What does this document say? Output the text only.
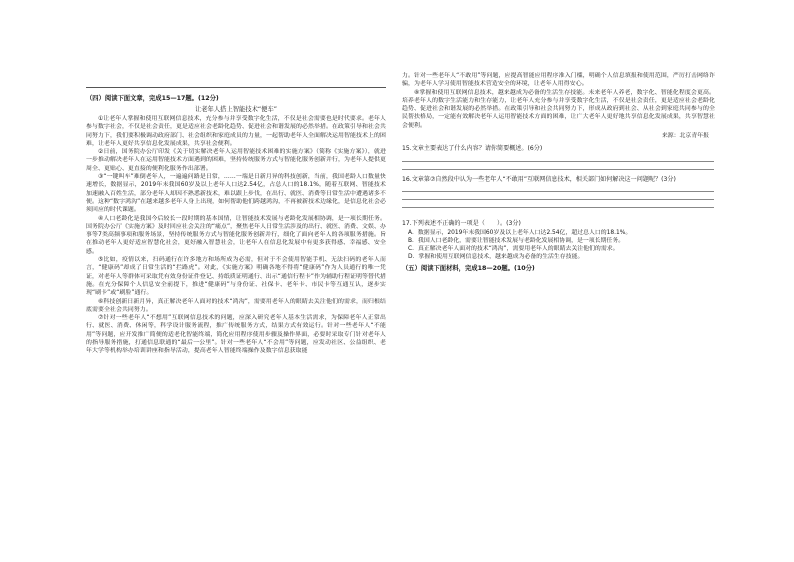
（四）阅读下面文章，完成15—17题。(12分)
让老年人搭上智能技术“便车”

①让老年人掌握和使用互联网信息技术，充分参与并享受数字化生活，不仅是社会需要也是时代要求。老年人参与数字社会，不仅是社会责任，更是适应社会老龄化趋势、促进社会和谐发展的必然举措。在政策引导和社会共同努力下，我们要积极调动政府部门、社会组织和家庭成员的力量，一起帮助老年人全面解决运用智能技术上的困难，让老年人更好共享信息化发展成果，共享社会便利。

②日前，国务院办公厅印发《关于切实解决老年人运用智能技术困难的实施方案》（简称《实施方案》），就进一步推动解决老年人在运用智能技术方面遇到的困难，坚持传统服务方式与智能化服务创新并行，为老年人提供更周全、更贴心、更直接的便利化服务作出部署。

③“一键叫车”难倒老年人，一遍遍问路是日常，……一端是日新月异的科技创新，当前，我国老龄人口数量快速增长，数据显示，2019年末我国60岁及以上老年人口达2.54亿，占总人口的18.1%，随着互联网、智能技术加速融入百姓生活，部分老年人却因不熟悉新技术，难以跟上步伐，在出行、就医、消费等日常生活中遭遇诸多不便。这种“数字鸿沟”在越来越多老年人身上出现，如何帮助他们跨越鸿沟，不再被新技术边缘化，是信息化社会必须回应的时代课题。

④人口老龄化是我国今后较长一段时期的基本国情，让智能技术发展与老龄化发展相协调，是一项长期任务。国务院办公厅《实施方案》及时回应社会关注的“痛点”，聚焦老年人日常生活涉及的出行、就医、消费、文娱、办事等7类高频事项和服务场景，坚持传统服务方式与智能化服务创新并行，细化了面向老年人的各项服务措施。旨在推动老年人更好适应智慧化社会，更好融入智慧社会，让老年人在信息化发展中有更多获得感、幸福感、安全感。

⑤比如，疫情以来，扫码通行在许多地方和场所成为必需，但对于不会使用智能手机、无法扫码的老年人而言，“健康码”却成了日常生活的“拦路虎”。对此，《实施方案》明确各地不得将“健康码”作为人员通行的唯一凭证，对老年人等群体可采取凭有效身份证件登记、持纸质证明通行、出示“通信行程卡”作为辅助行程证明等替代措施。在充分保障个人信息安全前提下，推进“健康码”与身份证、社保卡、老年卡、市民卡等互通互认，逐步实现“刷卡”或“刷脸”通行。

⑥科技创新日新月异，真正解决老年人面对的技术“鸿沟”，需要用老年人的眼睛去关注他们的需求，而归根结底需要全社会共同努力。

⑦针对一些老年人“不想用”互联网信息技术的问题，应深入研究老年人基本生活需求，为保障老年人正常出行、就医、消费、休闲等，科学设计服务流程，推广传统服务方式，结果方式有效运行。针对一些老年人“不能用”等问题，应开发推广简便的适老化智能终端，简化应用程序使用步骤及操作界面，必要时采取专门针对老年人的指导服务措施，打通信息联通的“最后一公里”。针对一些老年人“不会用”等问题，应发动社区、公益组织、老年大学等机构举办培训讲座和指导活动，提高老年人智能终端操作及数字信息获取能

力。针对一些老年人“不敢用”等问题，应提高智能应用程序准入门槛，明确个人信息填报和使用范围，严厉打击网络诈骗，为老年人学习使用智能技术营造安全的环境，让老年人用得安心。

⑧掌握和使用互联网信息技术，越来越成为必备的生活生存技能。未来老年人养老，数字化、智能化程度会更高。培养老年人的数字生活能力和生存能力，让老年人充分参与并享受数字化生活，不仅是社会责任，更是适应社会老龄化趋势、促进社会和谐发展的必然举措。在政策引导和社会共同努力下，形成从政府到社会、从社会到家庭共同参与的全民帮扶格局，一定能有效解决老年人运用智能技术方面的困难，让广大老年人更好地共享信息化发展成果，共享智慧社会便利。

来源：北京青年报

15.文章主要表达了什么内容？请你简要概述。(6分)

16.文章第⑦自然段中认为一些老年人“不敢用”互联网信息技术，相关部门如何解决这一问题呢？(3分)

17.下列表述不正确的一项是（　　）。(3分)

A．数据显示，2019年末我国60岁及以上老年人口达2.54亿，超过总人口的18.1%。

B．我国人口老龄化，需要让智能技术发展与老龄化发展相协调，是一项长期任务。

C．真正解决老年人面对的技术“鸿沟”，需要用老年人的眼睛去关注他们的需求。

D．掌握和使用互联网信息技术，越来越成为必备的生活生存技能。

（五）阅读下面材料，完成18—20题。(10分)
